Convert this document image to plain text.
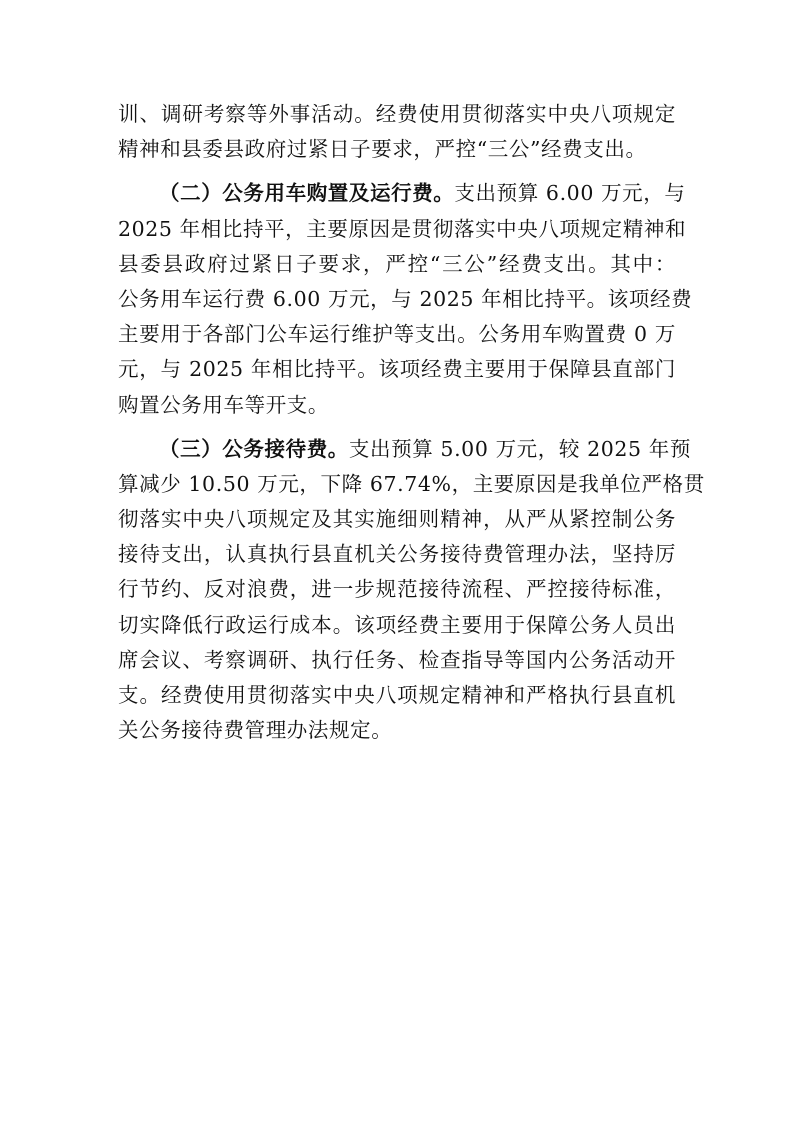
训、调研考察等外事活动。经费使用贯彻落实中央八项规定
精神和县委县政府过紧日子要求，严控“三公”经费支出。
（二）公务用车购置及运行费。支出预算 6.00 万元，与
2025 年相比持平，主要原因是贯彻落实中央八项规定精神和
县委县政府过紧日子要求，严控“三公”经费支出。其中：
公务用车运行费 6.00 万元，与 2025 年相比持平。该项经费
主要用于各部门公车运行维护等支出。公务用车购置费 0 万
元，与 2025 年相比持平。该项经费主要用于保障县直部门
购置公务用车等开支。
（三）公务接待费。支出预算 5.00 万元，较 2025 年预
算减少 10.50 万元，下降 67.74%，主要原因是我单位严格贯
彻落实中央八项规定及其实施细则精神，从严从紧控制公务
接待支出，认真执行县直机关公务接待费管理办法，坚持厉
行节约、反对浪费，进一步规范接待流程、严控接待标准，
切实降低行政运行成本。该项经费主要用于保障公务人员出
席会议、考察调研、执行任务、检查指导等国内公务活动开
支。经费使用贯彻落实中央八项规定精神和严格执行县直机
关公务接待费管理办法规定。
